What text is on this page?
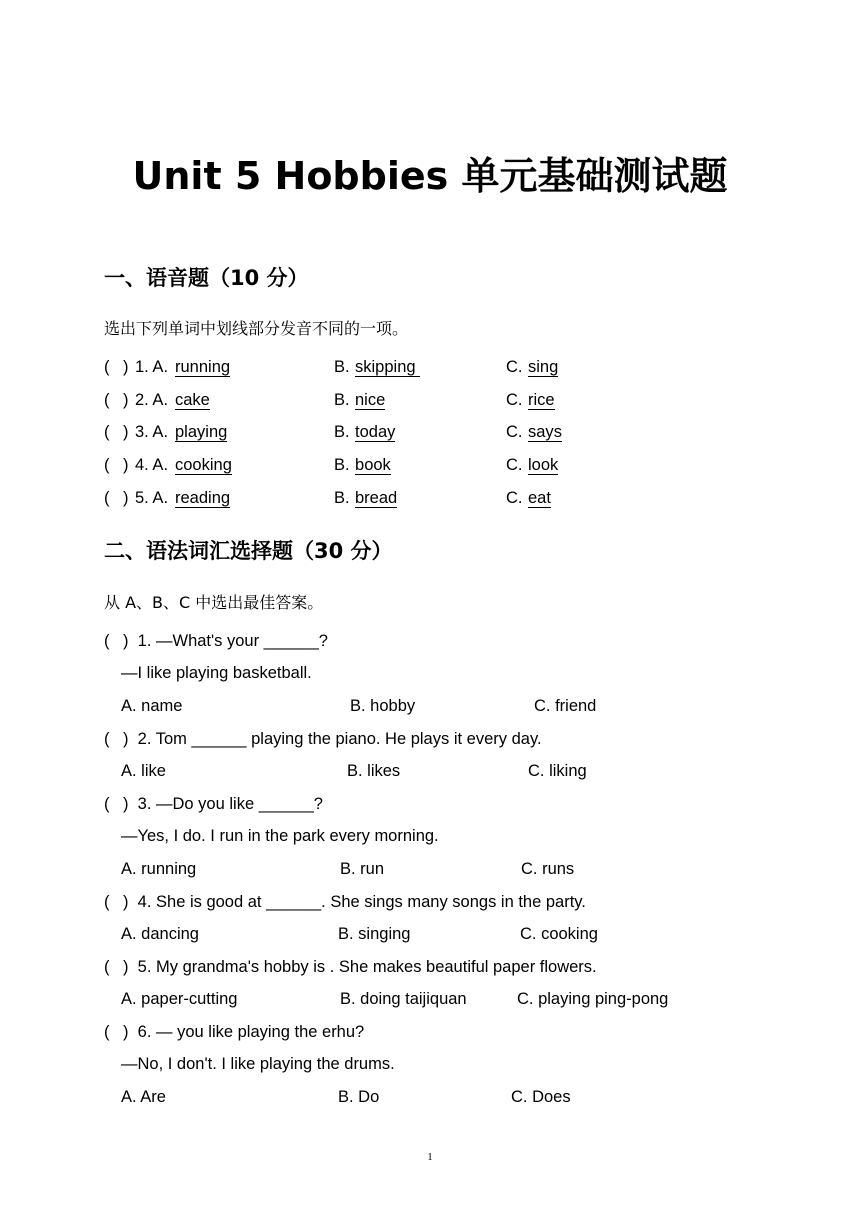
Unit 5 Hobbies 单元基础测试题
一、语音题（10 分）
选出下列单词中划线部分发音不同的一项。
( ) 1. A. running	B. skipping	C. sing
( ) 2. A. cake	B. nice	C. rice
( ) 3. A. playing	B. today	C. says
( ) 4. A. cooking	B. book	C. look
( ) 5. A. reading	B. bread	C. eat
二、语法词汇选择题（30 分）
从 A、B、C 中选出最佳答案。
( )  1. —What's your ______?
—I like playing basketball.
A. name	B. hobby	C. friend
( )  2. Tom ______ playing the piano. He plays it every day.
A. like	B. likes	C. liking
( )  3. —Do you like ______?
—Yes, I do. I run in the park every morning.
A. running	B. run	C. runs
( )  4. She is good at ______. She sings many songs in the party.
A. dancing	B. singing	C. cooking
( )  5. My grandma's hobby is . She makes beautiful paper flowers.
A. paper-cutting	B. doing taijiquan	C. playing ping-pong
( )  6. — you like playing the erhu?
—No, I don't. I like playing the drums.
A. Are	B. Do	C. Does
1
